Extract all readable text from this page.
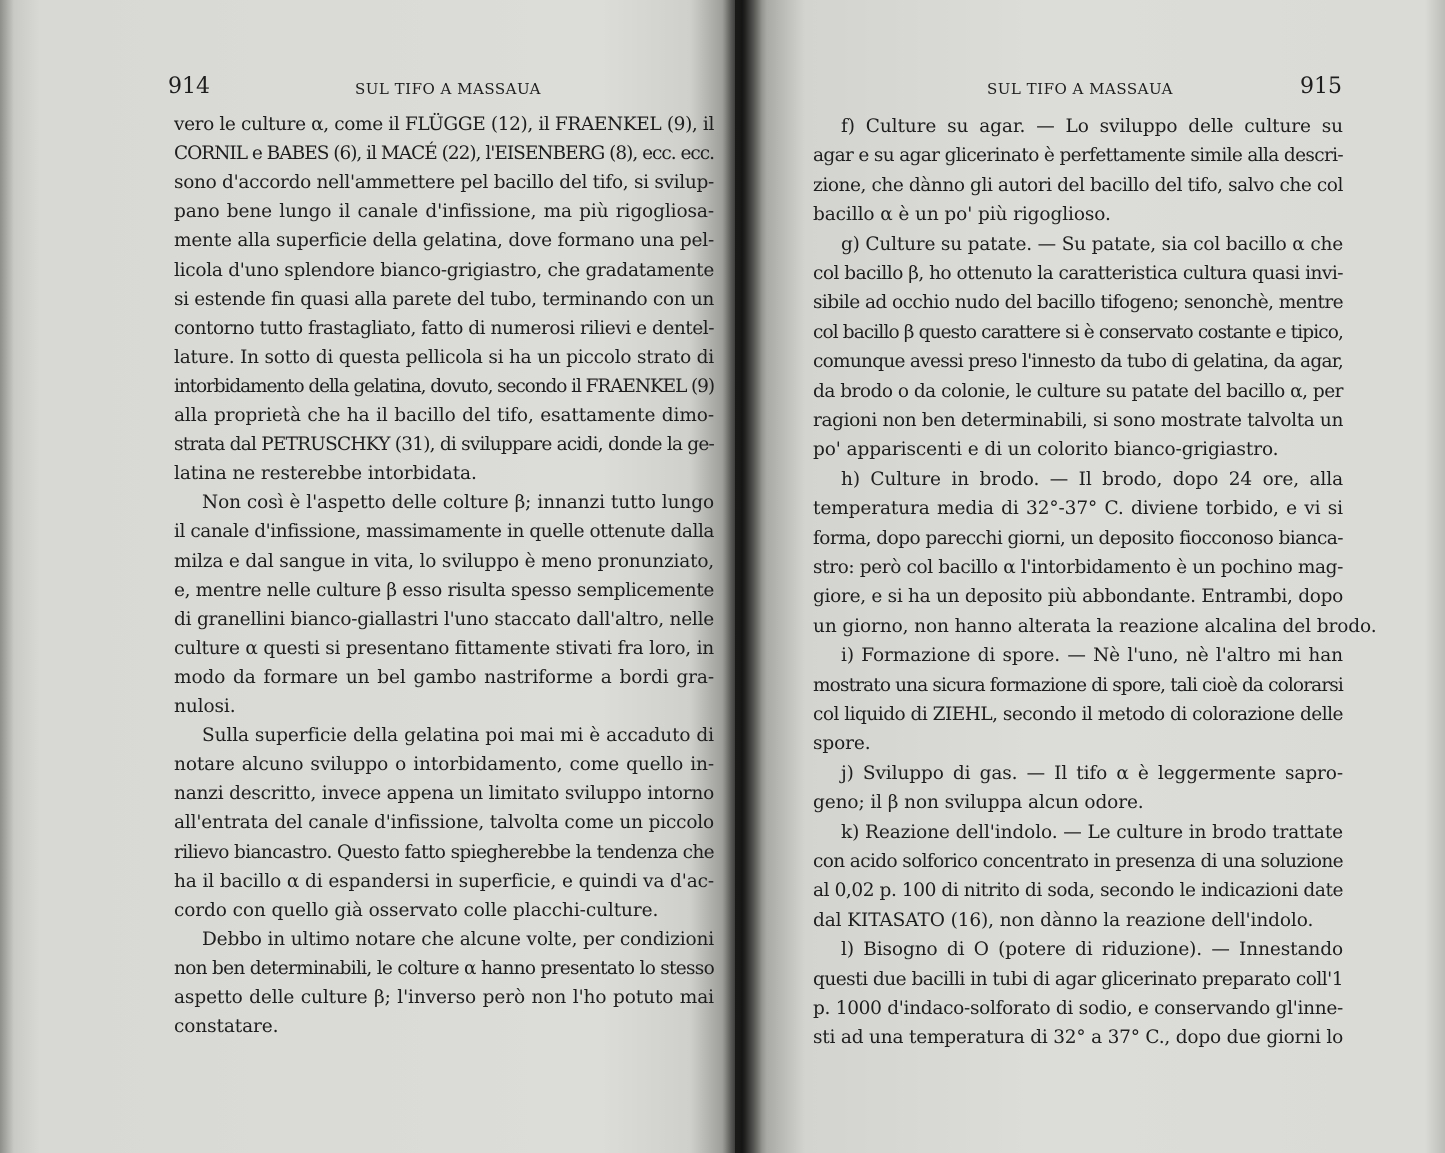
914	SUL TIFO A MASSAUA
vero le culture α, come il FLÜGGE (12), il FRAENKEL (9), il
CORNIL e BABES (6), il MACÉ (22), l'EISENBERG (8), ecc. ecc.
sono d'accordo nell'ammettere pel bacillo del tifo, si svilup-
pano bene lungo il canale d'infissione, ma più rigogliosa-
mente alla superficie della gelatina, dove formano una pel-
licola d'uno splendore bianco-grigiastro, che gradatamente
si estende fin quasi alla parete del tubo, terminando con un
contorno tutto frastagliato, fatto di numerosi rilievi e dentel-
lature. In sotto di questa pellicola si ha un piccolo strato di
intorbidamento della gelatina, dovuto, secondo il FRAENKEL (9)
alla proprietà che ha il bacillo del tifo, esattamente dimo-
strata dal PETRUSCHKY (31), di sviluppare acidi, donde la ge-
latina ne resterebbe intorbidata.
Non così è l'aspetto delle colture β; innanzi tutto lungo
il canale d'infissione, massimamente in quelle ottenute dalla
milza e dal sangue in vita, lo sviluppo è meno pronunziato,
e, mentre nelle culture β esso risulta spesso semplicemente
di granellini bianco-giallastri l'uno staccato dall'altro, nelle
culture α questi si presentano fittamente stivati fra loro, in
modo da formare un bel gambo nastriforme a bordi gra-
nulosi.
Sulla superficie della gelatina poi mai mi è accaduto di
notare alcuno sviluppo o intorbidamento, come quello in-
nanzi descritto, invece appena un limitato sviluppo intorno
all'entrata del canale d'infissione, talvolta come un piccolo
rilievo biancastro. Questo fatto spiegherebbe la tendenza che
ha il bacillo α di espandersi in superficie, e quindi va d'ac-
cordo con quello già osservato colle placchi-culture.
Debbo in ultimo notare che alcune volte, per condizioni
non ben determinabili, le colture α hanno presentato lo stesso
aspetto delle culture β; l'inverso però non l'ho potuto mai
constatare.
SUL TIFO A MASSAUA	915
f) Culture su agar. — Lo sviluppo delle culture su
agar e su agar glicerinato è perfettamente simile alla descri-
zione, che dànno gli autori del bacillo del tifo, salvo che col
bacillo α è un po' più rigoglioso.
g) Culture su patate. — Su patate, sia col bacillo α che
col bacillo β, ho ottenuto la caratteristica cultura quasi invi-
sibile ad occhio nudo del bacillo tifogeno; senonchè, mentre
col bacillo β questo carattere si è conservato costante e tipico,
comunque avessi preso l'innesto da tubo di gelatina, da agar,
da brodo o da colonie, le culture su patate del bacillo α, per
ragioni non ben determinabili, si sono mostrate talvolta un
po' appariscenti e di un colorito bianco-grigiastro.
h) Culture in brodo. — Il brodo, dopo 24 ore, alla
temperatura media di 32°-37° C. diviene torbido, e vi si
forma, dopo parecchi giorni, un deposito fiocconoso bianca-
stro: però col bacillo α l'intorbidamento è un pochino mag-
giore, e si ha un deposito più abbondante. Entrambi, dopo
un giorno, non hanno alterata la reazione alcalina del brodo.
i) Formazione di spore. — Nè l'uno, nè l'altro mi han
mostrato una sicura formazione di spore, tali cioè da colorarsi
col liquido di ZIEHL, secondo il metodo di colorazione delle
spore.
j) Sviluppo di gas. — Il tifo α è leggermente sapro-
geno; il β non sviluppa alcun odore.
k) Reazione dell'indolo. — Le culture in brodo trattate
con acido solforico concentrato in presenza di una soluzione
al 0,02 p. 100 di nitrito di soda, secondo le indicazioni date
dal KITASATO (16), non dànno la reazione dell'indolo.
l) Bisogno di O (potere di riduzione). — Innestando
questi due bacilli in tubi di agar glicerinato preparato coll'1
p. 1000 d'indaco-solforato di sodio, e conservando gl'inne-
sti ad una temperatura di 32° a 37° C., dopo due giorni lo
